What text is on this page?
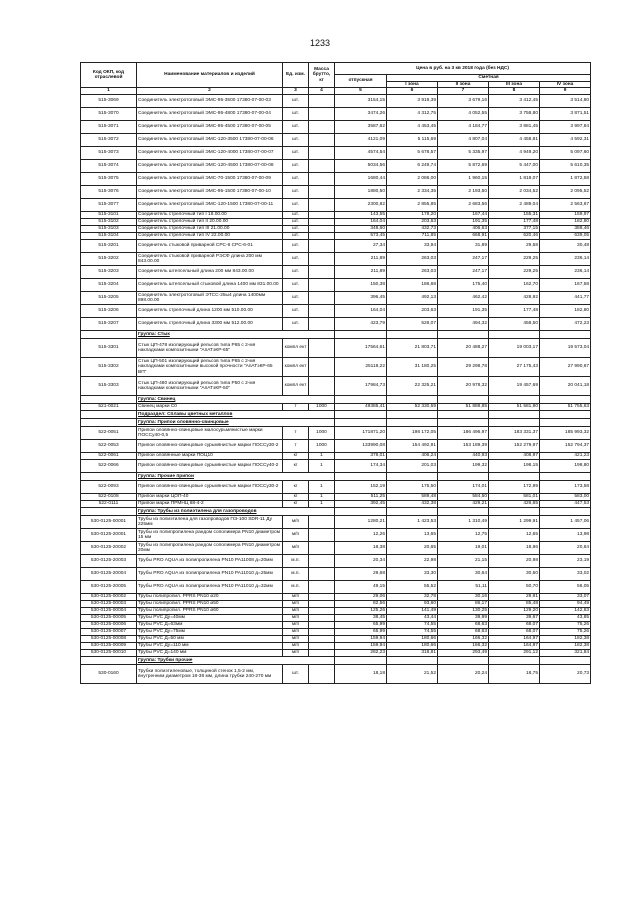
1233
Код ОКП, код отраслевой	Наименование материалов и изделий	Ед. изм.	Масса брутто, кг	Цена в руб. на 3 кв 2018 года (без НДС)				
				отпускная	Сметная			
					I зона	II зона	III зона	IV зона
1	2	3	4	5	6	7	8	9
515-3069	Соединитель электротоговый ЭМС-95-3500 17380-07-00-03	шт.		3154,15	3 919,39	3 679,16	3 412,45	3 514,80
515-3070	Соединитель электротоговый ЭМС-95-4800 17380-07-00-04	шт.		3474,26	4 312,75	4 052,55	3 758,80	3 871,51
515-3071	Соединитель электротоговый ЭМС-95-4500 17380-07-00-05	шт.		3587,62	4 453,45	4 184,77	3 881,45	3 997,84
515-3072	Соединитель электротоговый ЭМС-120-3500 17380-07-00-06	шт.		4121,09	5 115,69	4 807,04	4 458,81	4 592,31
515-3073	Соединитель электротоговый ЭМС-120-4000 17380-07-00-07	шт.		4574,54	5 678,57	5 335,97	4 949,20	5 097,60
515-3074	Соединитель электротоговый ЭМС-120-4500 17380-07-00-08	шт.		5034,56	6 249,74	5 872,69	5 447,00	5 610,35
515-3075	Соединитель электротоговый ЭМС-70-1500 17380-07-00-09	шт.		1680,44	2 086,00	1 960,15	1 818,07	1 872,58
515-3076	Соединитель электротоговый ЭМС-95-1500 17380-07-00-10	шт.		1880,50	2 334,35	2 193,50	2 034,52	2 095,52
515-3077	Соединитель электротоговый ЭМС-120-1500 17380-07-00-11	шт.		2300,82	2 855,85	2 683,56	2 489,04	2 563,67
515-3101	Соединитель стрелочный тип I 18.00.00	шт.		143,55	178,20	167,44	155,31	159,97
515-3102	Соединитель стрелочный тип II 20.00.00	шт.		164,04	203,63	191,35	177,48	182,80
515-3103	Соединитель стрелочный тип III 21.00.00	шт.		348,60	432,73	406,63	377,15	388,46
515-3104	Соединитель стрелочный тип IV 22.00.00	шт.		573,45	711,85	668,91	620,46	639,05
515-3201	Соединитель стыковой приварной СРС-6 СРС-6-01	шт.		27,34	33,94	31,89	29,58	30,48
515-3202	Соединитель стыковой приварной РЭСФ длина 200 мм 843.00.00	шт.		211,89	263,03	247,17	229,25	236,14
515-3203	Соединитель штепсельный длина 200 мм 843.00.00	шт.		211,89	263,03	247,17	229,25	236,14
515-3204	Соединитель штепсельный стыковой длина 1400 мм 831.00.00	шт.		150,38	186,68	175,40	162,70	167,58
515-3205	Соединитель электротоговый ЭТСС-25ы4 длина 1400мм 898.00.00	шт.		396,45	492,13	462,42	428,92	441,77
515-3206	Соединитель стрелочный длина 1200 мм 510.00.00	шт.		164,04	203,63	191,35	177,48	182,80
515-3207	Соединитель стрелочный длина 3300 мм 512.00.00	шт.		423,79	526,07	494,32	458,50	472,23
	Группа: Стык							
515-3301	Стык ЦП-478 изолирующий рельсов типа Р65 с 2-мя накладками композитными "АпАТэКР-65"	компл ект		17564,61	21 803,71	20 488,27	19 003,17	19 573,04
515-3302	Стык ЦП-501 изолирующий рельсов типа Р65 с 2-мя накладками композитными высокой прочности "АпАТэКР-65 ВП"	компл ект		25118,22	31 180,25	29 298,78	27 175,43	27 990,67
515-3303	Стык ЦП-480 изолирующий рельсов типа Р50 с 2-мя накладками композитными "АпАТэКР-50"	компл ект		17984,73	22 325,21	20 978,32	19 457,69	20 041,18
	Группа: Свинец							
521-0021	Свинец марки С0	т	1000	49385,41	52 330,59	51 888,85	51 581,90	51 755,63
	Подраздел: Сплавы цветных металлов							
	Группа: Припои оловянно-свинцовые							
522-0051	Припои оловянно-свинцовые малосурьмянистые марки ПОССу40-0,5	т	1000	171871,20	198 172,05	186 496,97	183 331,37	185 993,32
522-0053	Припои оловянно-свинцовые сурьмянистые марки ПОССу30-2	т	1000	133990,08	154 492,91	153 189,39	152 279,97	152 794,37
522-0061	Припои оловянные марки ПОЦ10	кг	1	378,01	406,24	440,93	408,97	421,23
522-0066	Припои оловянно-свинцовые сурьмянистые марки ПОССу40-2	кг	1	174,34	201,03	199,32	198,15	198,80
	Группа: Прочие припои							
522-0093	Припои оловянно-свинцовые сурьмянистые марки ПОССу30-2	кг	1	152,19	175,50	174,01	172,99	173,58
522-0108	Припои марки ЦОП-40	кг	1	511,25	589,48	584,50	581,01	583,00
522-0111	Припои марки ПРМНЦ 68-4-2	кг	1	392,45	432,38	429,21	426,65	447,53
	Группа: Трубы из полиэтилена для газопроводов							
530-0125-00001	Трубы из полиэтилена для газопроводов ПЭ-100 SDR-11 Ду 225мм	м/п		1280,21	1 423,53	1 310,49	1 299,91	1 457,06
530-0125-20001	Трубы из полипропилена рандом сополимера PN10 диаметром 15 мм	м/п		12,26	13,65	12,75	12,65	13,98
530-0125-20002	Трубы из полипропилена рандом сополимера PN10 диаметром 20мм	м/п		18,38	20,65	19,01	18,86	20,84
530-0125-20003	Трубы PRO AQUA из полипропилена PN10 PA11008 д=20мм	м.п.		20,34	22,98	21,15	20,98	23,19
530-0125-20004	Трубы PRO AQUA из полипропилена PN10 PA11010 д=25мм	м.п.		29,68	33,30	30,64	30,50	33,02
530-0125-20005	Трубы PRO AQUA из полипропилена PN10 PA11010 д=32мм	м.п.		49,15	55,52	51,11	50,70	56,05
530-0125-00002	Трубы полипропил. PPRS PN10 ø20	м/п		29,06	32,78	30,16	29,91	33,07
530-0125-00003	Трубы полипропил. PPRS PN10 ø50	м/п		82,56	93,60	86,17	85,48	94,49
530-0125-00004	Трубы полипропил. PPRS PN10 ø60	м/п		125,26	141,49	130,25	129,20	142,83
530-0125-00005	Трубы PVC Ду=40мм	м/п		38,45	43,44	39,99	39,67	43,85
530-0125-00006	Трубы PVC Д=63мм	м/п		65,99	74,55	68,63	68,07	75,26
530-0125-00007	Трубы PVC Ду=75мм	м/п		65,99	74,55	68,63	68,07	75,26
530-0125-00008	Трубы PVC Д=50 мм	м/п		159,94	180,66	166,32	164,97	182,38
530-0125-00009	Трубы PVC Ду=110 мм	м/п		159,94	180,66	166,32	164,97	182,38
530-0125-00010	Трубы PVC Д=140 мм	м/п		282,23	318,81	293,49	291,12	321,84
	Группа: Трубки прочие							
530-0160	Трубки полиэтиленовые, толщиной стенок 1,5-2 мм, внутренним диаметром 18-38 мм, длина трубки 240-270 мм	шт.		18,18	21,52	20,24	18,75	20,73
